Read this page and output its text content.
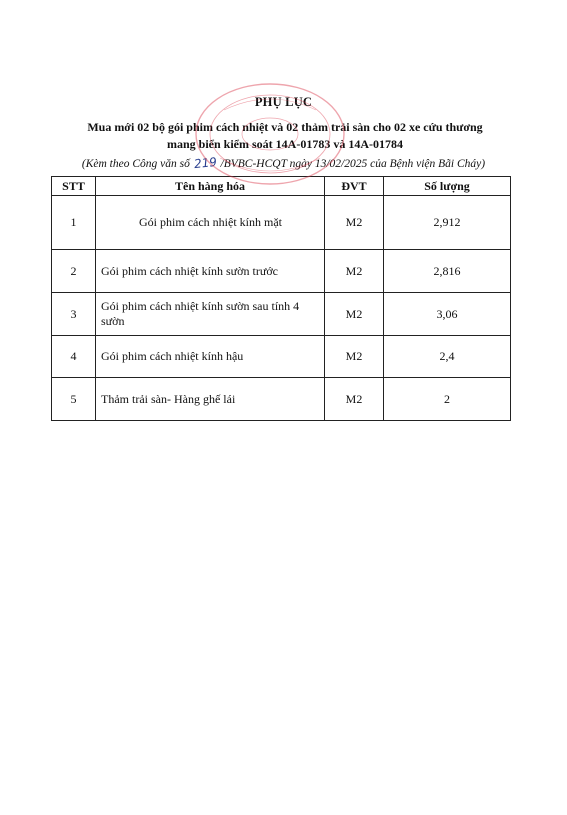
PHỤ LỤC
Mua mới 02 bộ gói phim cách nhiệt và 02 thảm trải sàn cho 02 xe cứu thương
mang biển kiểm soát 14A-01783 và 14A-01784
(Kèm theo Công văn số 219 /BVBC-HCQT ngày 13/02/2025 của Bệnh viện Bãi Cháy)
STT	Tên hàng hóa	ĐVT	Số lượng
1	Gói phim cách nhiệt kính mặt	M2	2,912
2	Gói phim cách nhiệt kính sườn trước	M2	2,816
3	Gói phim cách nhiệt kính sườn sau tính 4 sườn	M2	3,06
4	Gói phim cách nhiệt kính hậu	M2	2,4
5	Thảm trải sàn- Hàng ghế lái	M2	2
